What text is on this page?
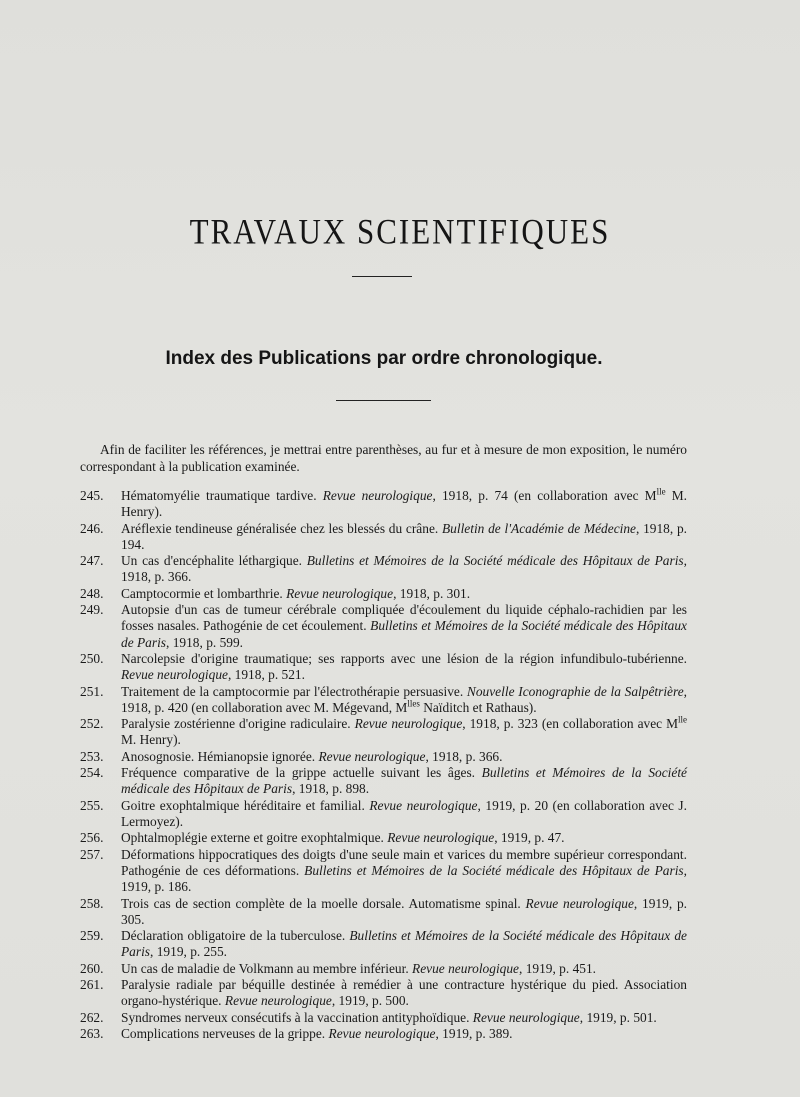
TRAVAUX SCIENTIFIQUES
Index des Publications par ordre chronologique.

Afin de faciliter les références, je mettrai entre parenthèses, au fur et à mesure de mon exposition, le numéro correspondant à la publication examinée.

245. Hématomyélie traumatique tardive. Revue neurologique, 1918, p. 74 (en collaboration avec $M^{lle}$ M. Henry).
246. Aréflexie tendineuse généralisée chez les blessés du crâne. Bulletin de l'Académie de Médecine, 1918, p. 194.
247. Un cas d'encéphalite léthargique. Bulletins et Mémoires de la Société médicale des Hôpitaux de Paris, 1918, p. 366.
248. Camptocormie et lombarthrie. Revue neurologique, 1918, p. 301.
249. Autopsie d'un cas de tumeur cérébrale compliquée d'écoulement du liquide céphalo-rachidien par les fosses nasales. Pathogénie de cet écoulement. Bulletins et Mémoires de la Société médicale des Hôpitaux de Paris, 1918, p. 599.
250. Narcolepsie d'origine traumatique; ses rapports avec une lésion de la région infundibulo-tubérienne. Revue neurologique, 1918, p. 521.
251. Traitement de la camptocormie par l'électrothérapie persuasive. Nouvelle Iconographie de la Salpêtrière, 1918, p. 420 (en collaboration avec M. Mégevand, $M^{lles}$ Naïditch et Rathaus).
252. Paralysie zostérienne d'origine radiculaire. Revue neurologique, 1918, p. 323 (en collaboration avec $M^{lle}$ M. Henry).
253. Anosognosie. Hémianopsie ignorée. Revue neurologique, 1918, p. 366.
254. Fréquence comparative de la grippe actuelle suivant les âges. Bulletins et Mémoires de la Société médicale des Hôpitaux de Paris, 1918, p. 898.
255. Goitre exophtalmique héréditaire et familial. Revue neurologique, 1919, p. 20 (en collaboration avec J. Lermoyez).
256. Ophtalmoplégie externe et goitre exophtalmique. Revue neurologique, 1919, p. 47.
257. Déformations hippocratiques des doigts d'une seule main et varices du membre supérieur correspondant. Pathogénie de ces déformations. Bulletins et Mémoires de la Société médicale des Hôpitaux de Paris, 1919, p. 186.
258. Trois cas de section complète de la moelle dorsale. Automatisme spinal. Revue neurologique, 1919, p. 305.
259. Déclaration obligatoire de la tuberculose. Bulletins et Mémoires de la Société médicale des Hôpitaux de Paris, 1919, p. 255.
260. Un cas de maladie de Volkmann au membre inférieur. Revue neurologique, 1919, p. 451.
261. Paralysie radiale par béquille destinée à remédier à une contracture hystérique du pied. Association organo-hystérique. Revue neurologique, 1919, p. 500.
262. Syndromes nerveux consécutifs à la vaccination antityphoïdique. Revue neurologique, 1919, p. 501.
263. Complications nerveuses de la grippe. Revue neurologique, 1919, p. 389.
